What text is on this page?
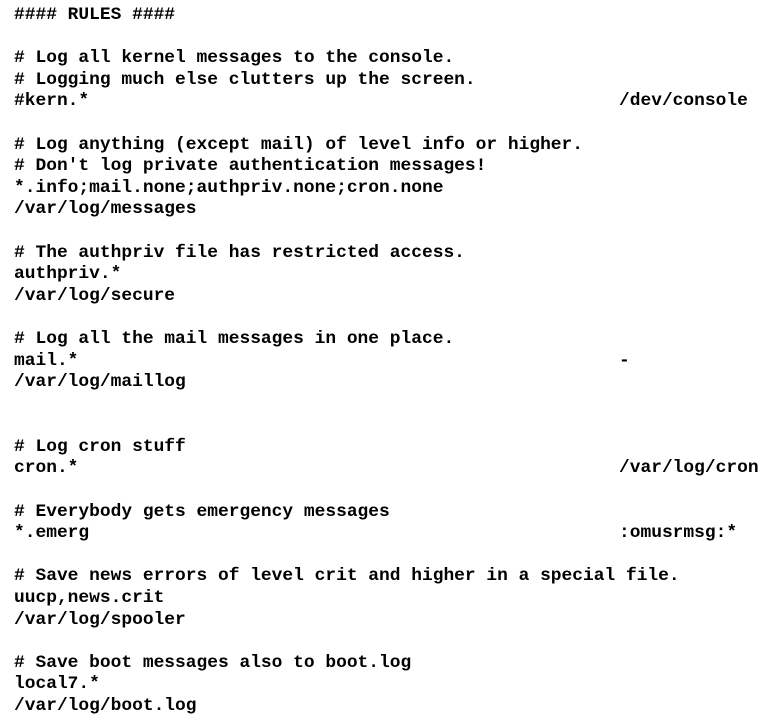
#### RULES ####
# Log all kernel messages to the console.
# Logging much else clutters up the screen.
#kern.*	/dev/console
# Log anything (except mail) of level info or higher.
# Don't log private authentication messages!
*.info;mail.none;authpriv.none;cron.none
/var/log/messages
# The authpriv file has restricted access.
authpriv.*
/var/log/secure
# Log all the mail messages in one place.
mail.*	-
/var/log/maillog
# Log cron stuff
cron.*	/var/log/cron
# Everybody gets emergency messages
*.emerg	:omusrmsg:*
# Save news errors of level crit and higher in a special file.
uucp,news.crit
/var/log/spooler
# Save boot messages also to boot.log
local7.*
/var/log/boot.log
